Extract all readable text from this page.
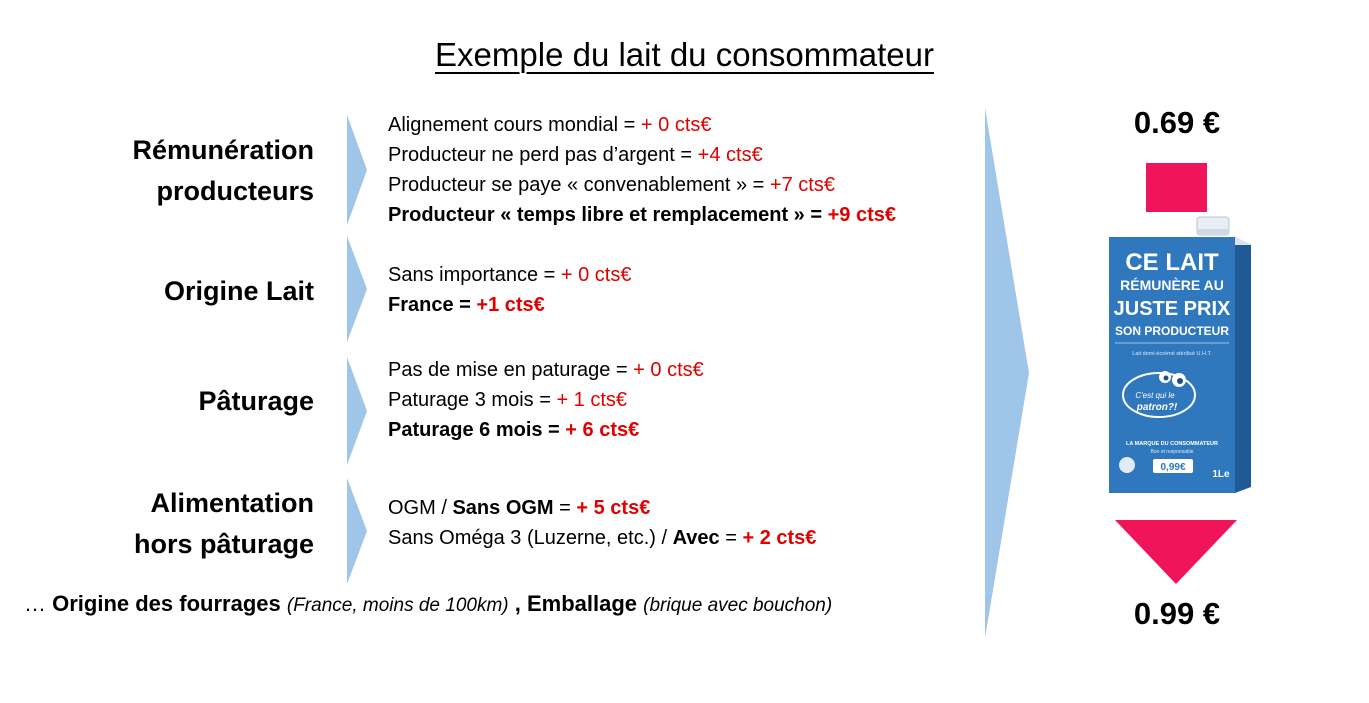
Exemple du lait du consommateur
Rémunération
producteurs
Origine Lait
Pâturage
Alimentation
hors pâturage
Alignement cours mondial = + 0 cts€
Producteur ne perd pas d’argent = +4 cts€
Producteur se paye « convenablement » = +7 cts€
Producteur « temps libre et remplacement » = +9 cts€
Sans importance = + 0 cts€
France = +1 cts€
Pas de mise en paturage = + 0 cts€
Paturage 3 mois = + 1 cts€
Paturage 6 mois = + 6 cts€
OGM / Sans OGM = + 5 cts€
Sans Oméga 3 (Luzerne, etc.) / Avec = + 2 cts€
… Origine des fourrages (France, moins de 100km) , Emballage (brique avec bouchon)
0.69 €
0.99 €
CE LAIT
RÉMUNÈRE AU
JUSTE PRIX
SON PRODUCTEUR
Lait demi-écrémé stérilisé U.H.T.
C'est qui le
patron?!
LA MARQUE DU CONSOMMATEUR
Bon et responsable
0,99€
1Le
